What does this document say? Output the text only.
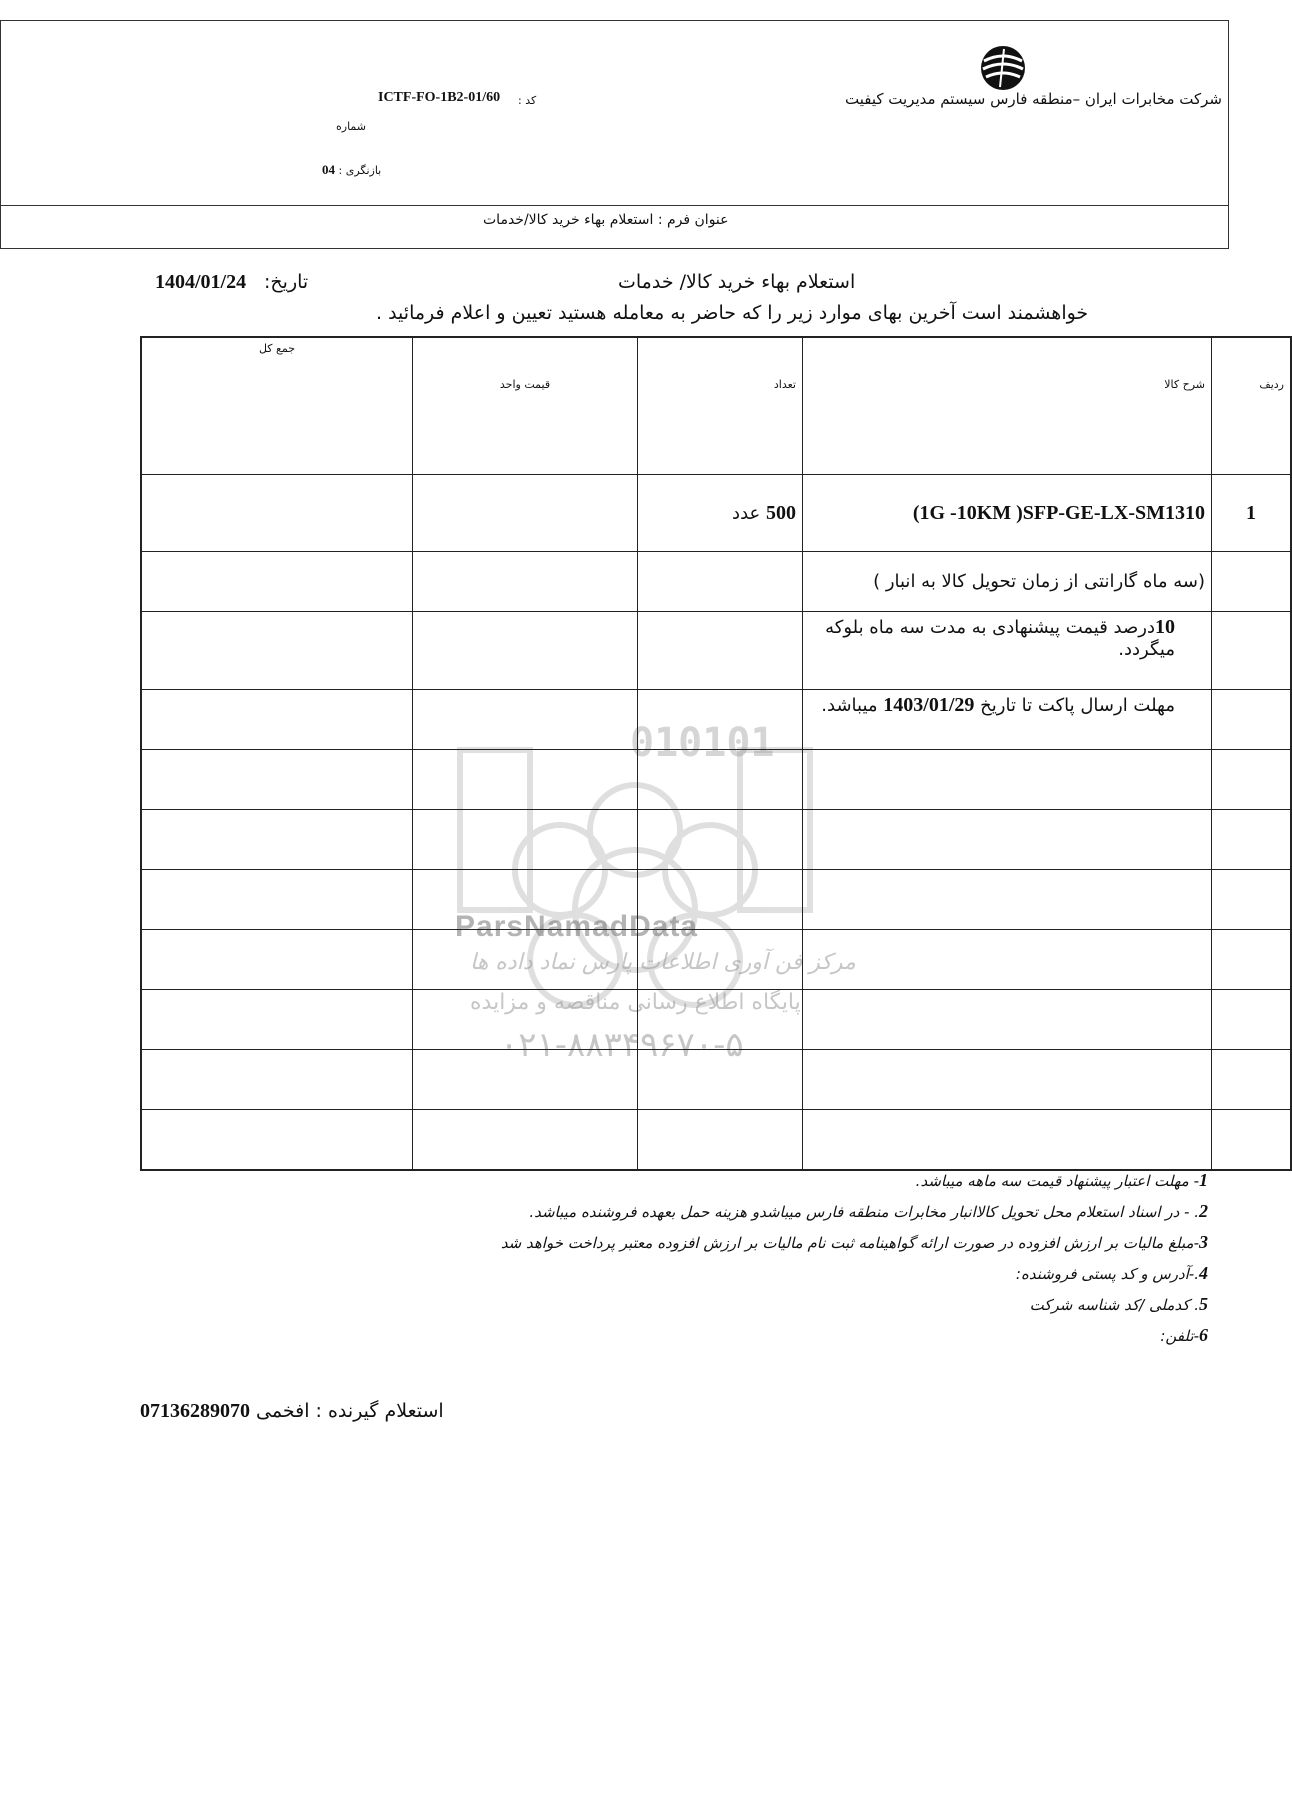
شرکت مخابرات ایران –منطقه فارس سیستم مدیریت کیفیت
کد :
ICTF-FO-1B2-01/60
شماره
بازنگری : 04
عنوان فرم : استعلام بهاء خرید کالا/خدمات
استعلام بهاء خرید کالا/ خدمات
تاریخ:
1404/01/24
خواهشمند است آخرین بهای موارد زیر را که حاضر به معامله هستید تعیین و اعلام فرمائید .
010101
ParsNamadData
مرکز فن آوری اطلاعات پارس نماد داده ها
پایگاه اطلاع رسانی مناقصه و مزایده
۰۲۱-۸۸۳۴۹۶۷۰-۵
جمع کل	قیمت واحد	تعداد	شرح کالا	ردیف
		500 عدد	(1G -10KM )SFP-GE-LX-SM1310	1
			(سه ماه گارانتی از زمان تحویل کالا به انبار )	
			10درصد قیمت پیشنهادی به مدت سه ماه بلوکه میگردد.	
			مهلت ارسال پاکت تا تاریخ 1403/01/29 میباشد.	

1- مهلت اعتبار پیشنهاد قیمت سه ماهه میباشد.
2. - در اسناد استعلام محل تحویل کالاانبار مخابرات منطقه فارس میباشدو هزینه حمل بعهده فروشنده میباشد.
3-مبلغ مالیات بر ارزش افزوده در صورت ارائه گواهینامه ثبت نام مالیات بر ارزش افزوده معتبر پرداخت خواهد شد
4.-آدرس و کد پستی فروشنده:
5. کدملی /کد شناسه شرکت
6-تلفن:
استعلام گیرنده : افخمی 07136289070
